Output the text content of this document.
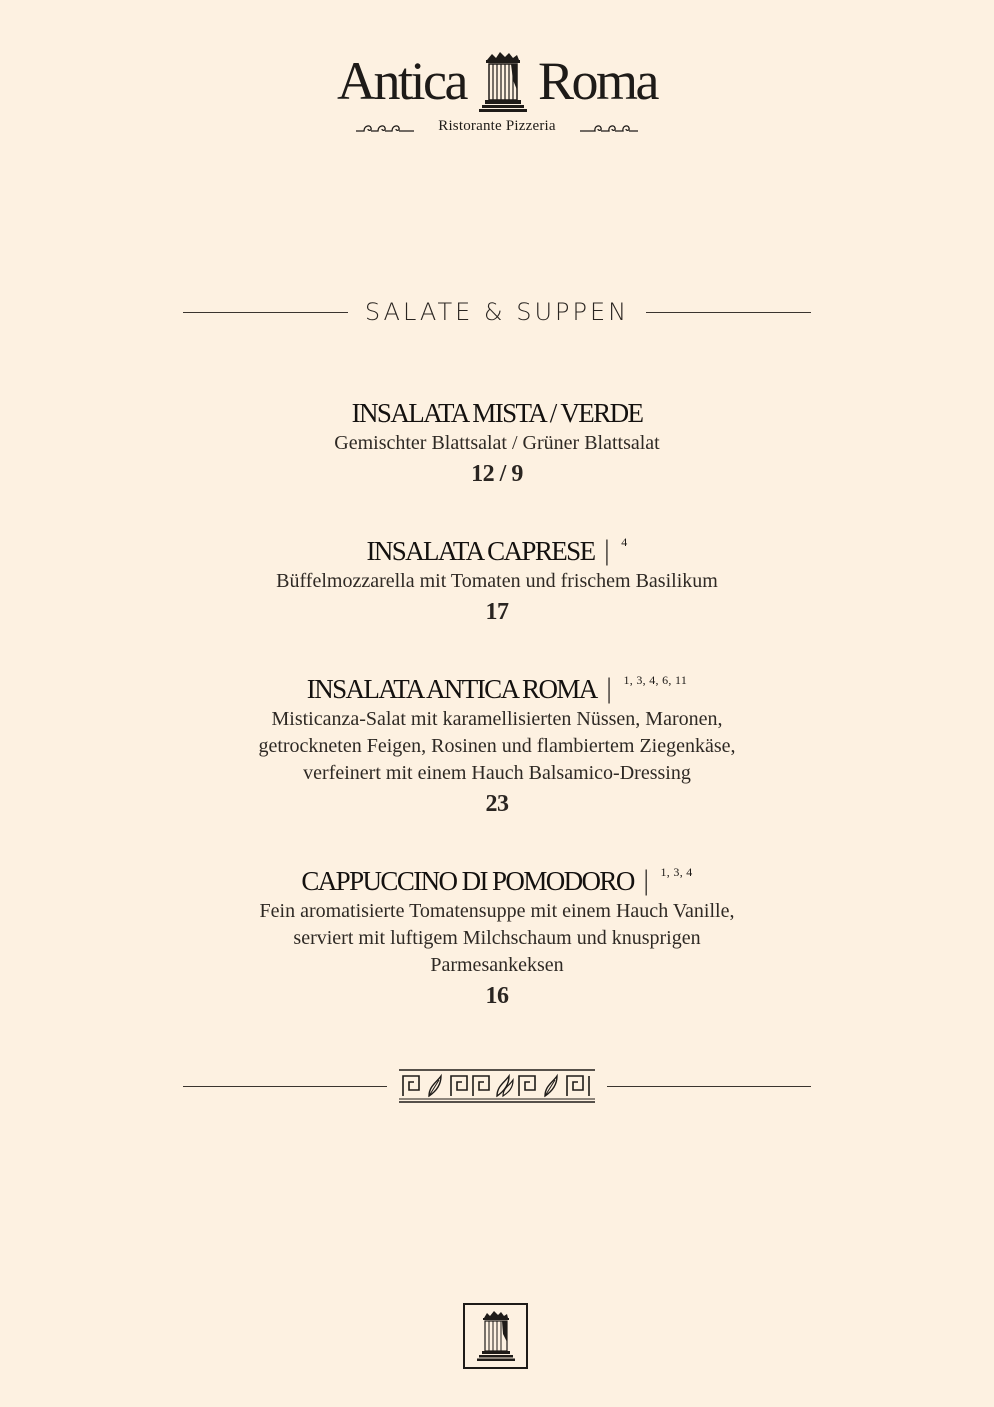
Antica Roma
Ristorante Pizzeria
SALATE & SUPPEN
INSALATA MISTA / VERDE
Gemischter Blattsalat / Grüner Blattsalat
12 / 9
INSALATA CAPRESE | 4
Büffelmozzarella mit Tomaten und frischem Basilikum
17
INSALATA ANTICA ROMA | 1, 3, 4, 6, 11
Misticanza-Salat mit karamellisierten Nüssen, Maronen, getrockneten Feigen, Rosinen und flambiertem Ziegenkäse, verfeinert mit einem Hauch Balsamico-Dressing
23
CAPPUCCINO DI POMODORO | 1, 3, 4
Fein aromatisierte Tomatensuppe mit einem Hauch Vanille, serviert mit luftigem Milchschaum und knusprigen Parmesankeksen
16
